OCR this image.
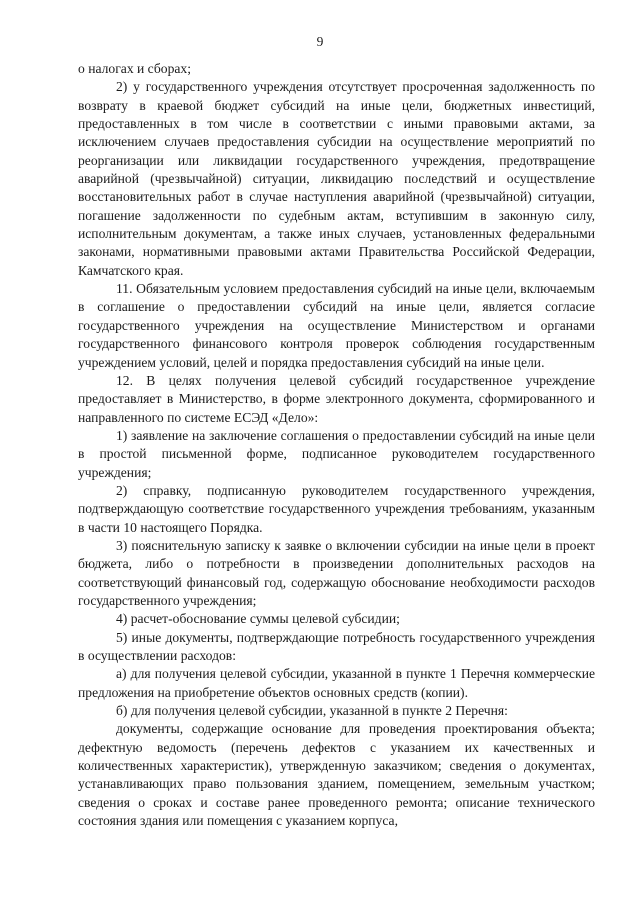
9

о налогах и сборах;

2) у государственного учреждения отсутствует просроченная задолженность по возврату в краевой бюджет субсидий на иные цели, бюджетных инвестиций, предоставленных в том числе в соответствии с иными правовыми актами, за исключением случаев предоставления субсидии на осуществление мероприятий по реорганизации или ликвидации государственного учреждения, предотвращение аварийной (чрезвычайной) ситуации, ликвидацию последствий и осуществление восстановительных работ в случае наступления аварийной (чрезвычайной) ситуации, погашение задолженности по судебным актам, вступившим в законную силу, исполнительным документам, а также иных случаев, установленных федеральными законами, нормативными правовыми актами Правительства Российской Федерации, Камчатского края.

11. Обязательным условием предоставления субсидий на иные цели, включаемым в соглашение о предоставлении субсидий на иные цели, является согласие государственного учреждения на осуществление Министерством и органами государственного финансового контроля проверок соблюдения государственным учреждением условий, целей и порядка предоставления субсидий на иные цели.

12. В целях получения целевой субсидий государственное учреждение предоставляет в Министерство, в форме электронного документа, сформированного и направленного по системе ЕСЭД «Дело»:

1) заявление на заключение соглашения о предоставлении субсидий на иные цели в простой письменной форме, подписанное руководителем государственного учреждения;

2) справку, подписанную руководителем государственного учреждения, подтверждающую соответствие государственного учреждения требованиям, указанным в части 10 настоящего Порядка.

3) пояснительную записку к заявке о включении субсидии на иные цели в проект бюджета, либо о потребности в произведении дополнительных расходов на соответствующий финансовый год, содержащую обоснование необходимости расходов государственного учреждения;

4) расчет-обоснование суммы целевой субсидии;

5) иные документы, подтверждающие потребность государственного учреждения в осуществлении расходов:

а) для получения целевой субсидии, указанной в пункте 1 Перечня коммерческие предложения на приобретение объектов основных средств (копии).

б) для получения целевой субсидии, указанной в пункте 2 Перечня:

документы, содержащие основание для проведения проектирования объекта; дефектную ведомость (перечень дефектов с указанием их качественных и количественных характеристик), утвержденную заказчиком; сведения о документах, устанавливающих право пользования зданием, помещением, земельным участком; сведения о сроках и составе ранее проведенного ремонта; описание технического состояния здания или помещения с указанием корпуса,
